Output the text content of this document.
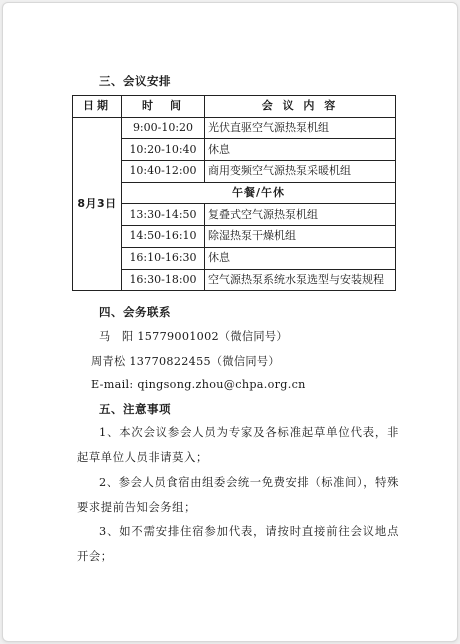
三、会议安排
日期	时　间	会 议 内 容
8月3日	9:00-10:20	光伏直驱空气源热泵机组
	10:20-10:40	休息
	10:40-12:00	商用变频空气源热泵采暖机组
	午餐/午休	
	13:30-14:50	复叠式空气源热泵机组
	14:50-16:10	除湿热泵干燥机组
	16:10-16:30	休息
	16:30-18:00	空气源热泵系统水泵选型与安装规程
四、会务联系
马　阳 15779001002（微信同号）
周青松 13770822455（微信同号）
E-mail: qingsong.zhou@chpa.org.cn
五、注意事项
1、本次会议参会人员为专家及各标准起草单位代表，非起草单位人员非请莫入；
2、参会人员食宿由组委会统一免费安排（标准间），特殊要求提前告知会务组；
3、如不需安排住宿参加代表，请按时直接前往会议地点开会；
